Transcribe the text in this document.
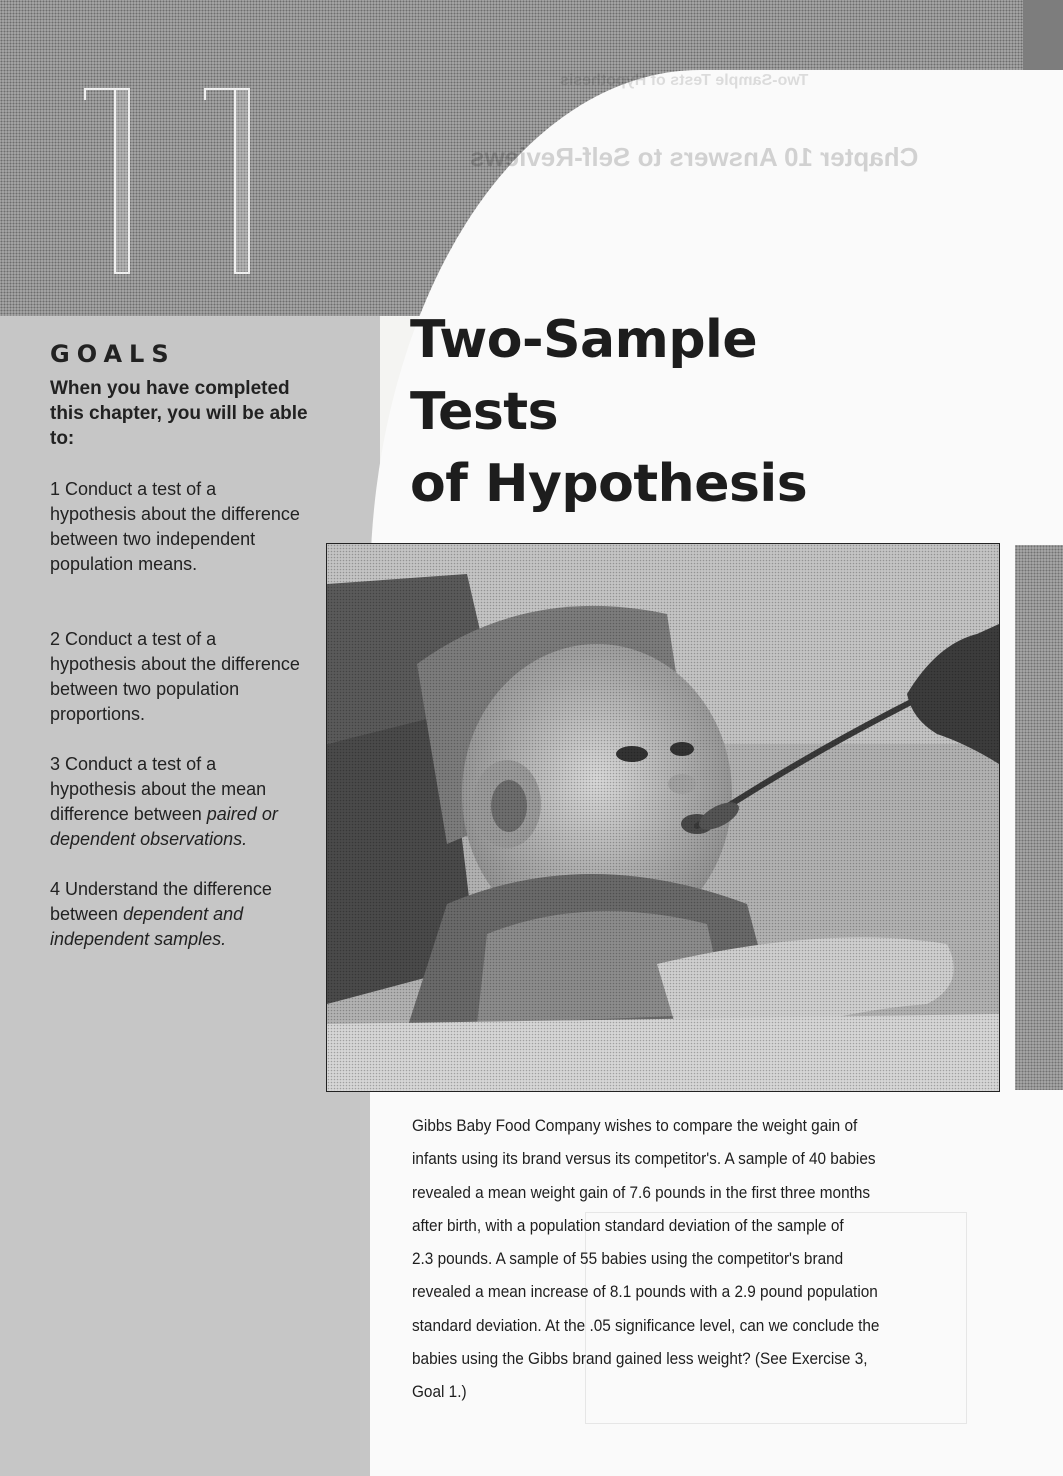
Two-Sample Tests of Hypothesis
Chapter 10 Answers to Self-Reviews
GOALS
When you have completed this chapter, you will be able to:
1 Conduct a test of a hypothesis about the difference between two independent population means.
2 Conduct a test of a hypothesis about the difference between two population proportions.
3 Conduct a test of a hypothesis about the mean difference between paired or dependent observations.
4 Understand the difference between dependent and independent samples.
Two-Sample Tests
of Hypothesis
Gibbs Baby Food Company wishes to compare the weight gain of
infants using its brand versus its competitor's. A sample of 40 babies
revealed a mean weight gain of 7.6 pounds in the first three months
after birth, with a population standard deviation of the sample of
2.3 pounds. A sample of 55 babies using the competitor's brand
revealed a mean increase of 8.1 pounds with a 2.9 pound population
standard deviation. At the .05 significance level, can we conclude the
babies using the Gibbs brand gained less weight? (See Exercise 3,
Goal 1.)
